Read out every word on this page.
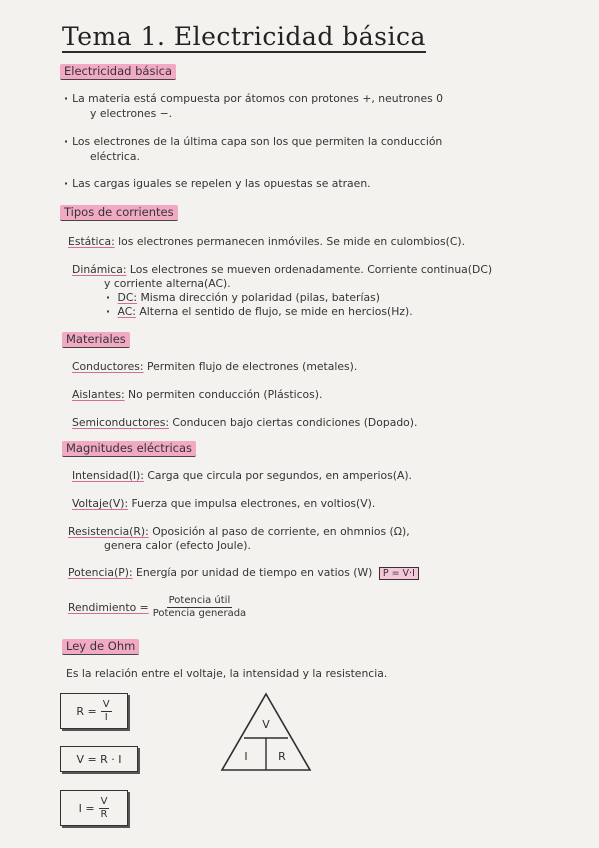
Tema 1. Electricidad básica
Electricidad básica
· La materia está compuesta por átomos con protones +, neutrones 0
y electrones −.
· Los electrones de la última capa son los que permiten la conducción
eléctrica.
· Las cargas iguales se repelen y las opuestas se atraen.
Tipos de corrientes
Estática: los electrones permanecen inmóviles. Se mide en culombios(C).
Dinámica: Los electrones se mueven ordenadamente. Corriente continua(DC)
y corriente alterna(AC).
· DC: Misma dirección y polaridad (pilas, baterías)
· AC: Alterna el sentido de flujo, se mide en hercios(Hz).
Materiales
Conductores: Permiten flujo de electrones (metales).
Aislantes: No permiten conducción (Plásticos).
Semiconductores: Conducen bajo ciertas condiciones (Dopado).
Magnitudes eléctricas
Intensidad(I): Carga que circula por segundos, en amperios(A).
Voltaje(V): Fuerza que impulsa electrones, en voltios(V).
Resistencia(R): Oposición al paso de corriente, en ohmnios (Ω),
genera calor (efecto Joule).
Potencia(P): Energía por unidad de tiempo en vatios (W) P = V·I
Rendimiento = $\frac{\text{Potencia útil}}{\text{Potencia generada}}$
Ley de Ohm
Es la relación entre el voltaje, la intensidad y la resistencia.
$R = \frac{V}{I}$
V = R · I
$I = \frac{V}{R}$
V
I	R
